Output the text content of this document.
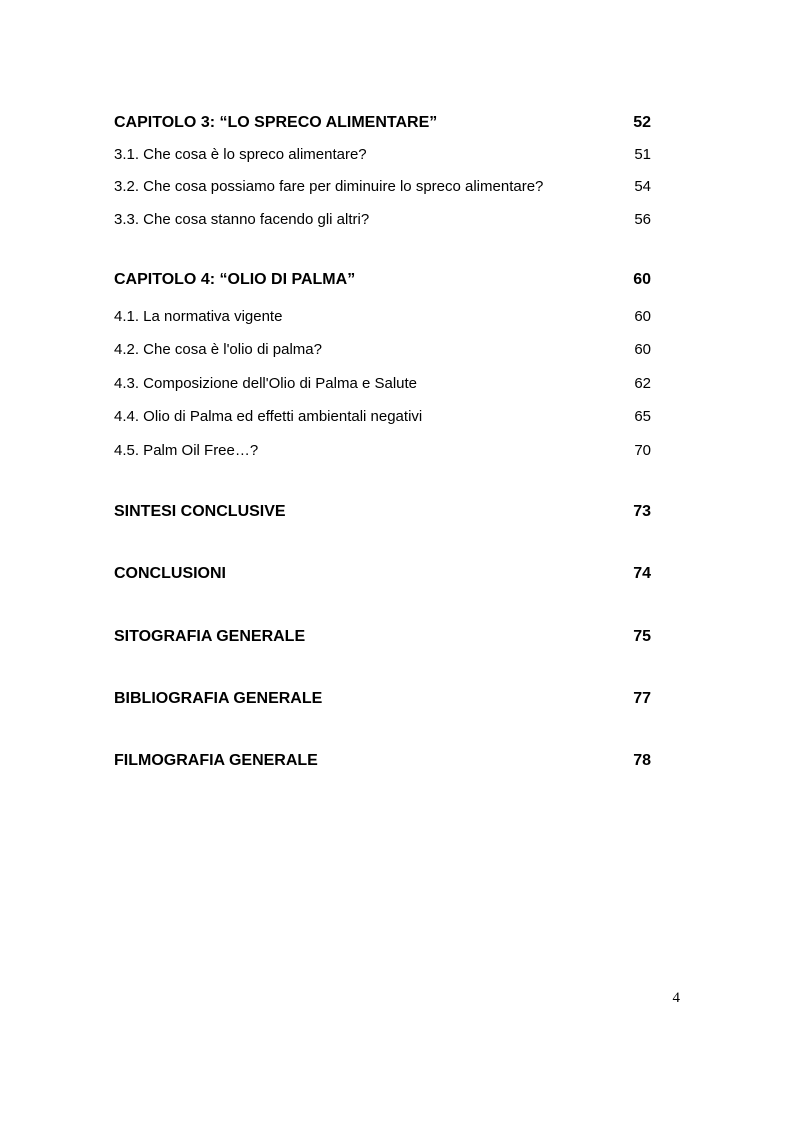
CAPITOLO 3: “LO SPRECO ALIMENTARE”	52
3.1. Che cosa è lo spreco alimentare?	51
3.2. Che cosa possiamo fare per diminuire lo spreco alimentare?	54
3.3. Che cosa stanno facendo gli altri?	56
CAPITOLO 4: “OLIO DI PALMA”	60
4.1. La normativa vigente	60
4.2. Che cosa è l'olio di palma?	60
4.3. Composizione dell'Olio di Palma e Salute	62
4.4. Olio di Palma ed effetti ambientali negativi	65
4.5. Palm Oil Free…?	70
SINTESI CONCLUSIVE	73
CONCLUSIONI	74
SITOGRAFIA GENERALE	75
BIBLIOGRAFIA GENERALE	77
FILMOGRAFIA GENERALE	78
4
